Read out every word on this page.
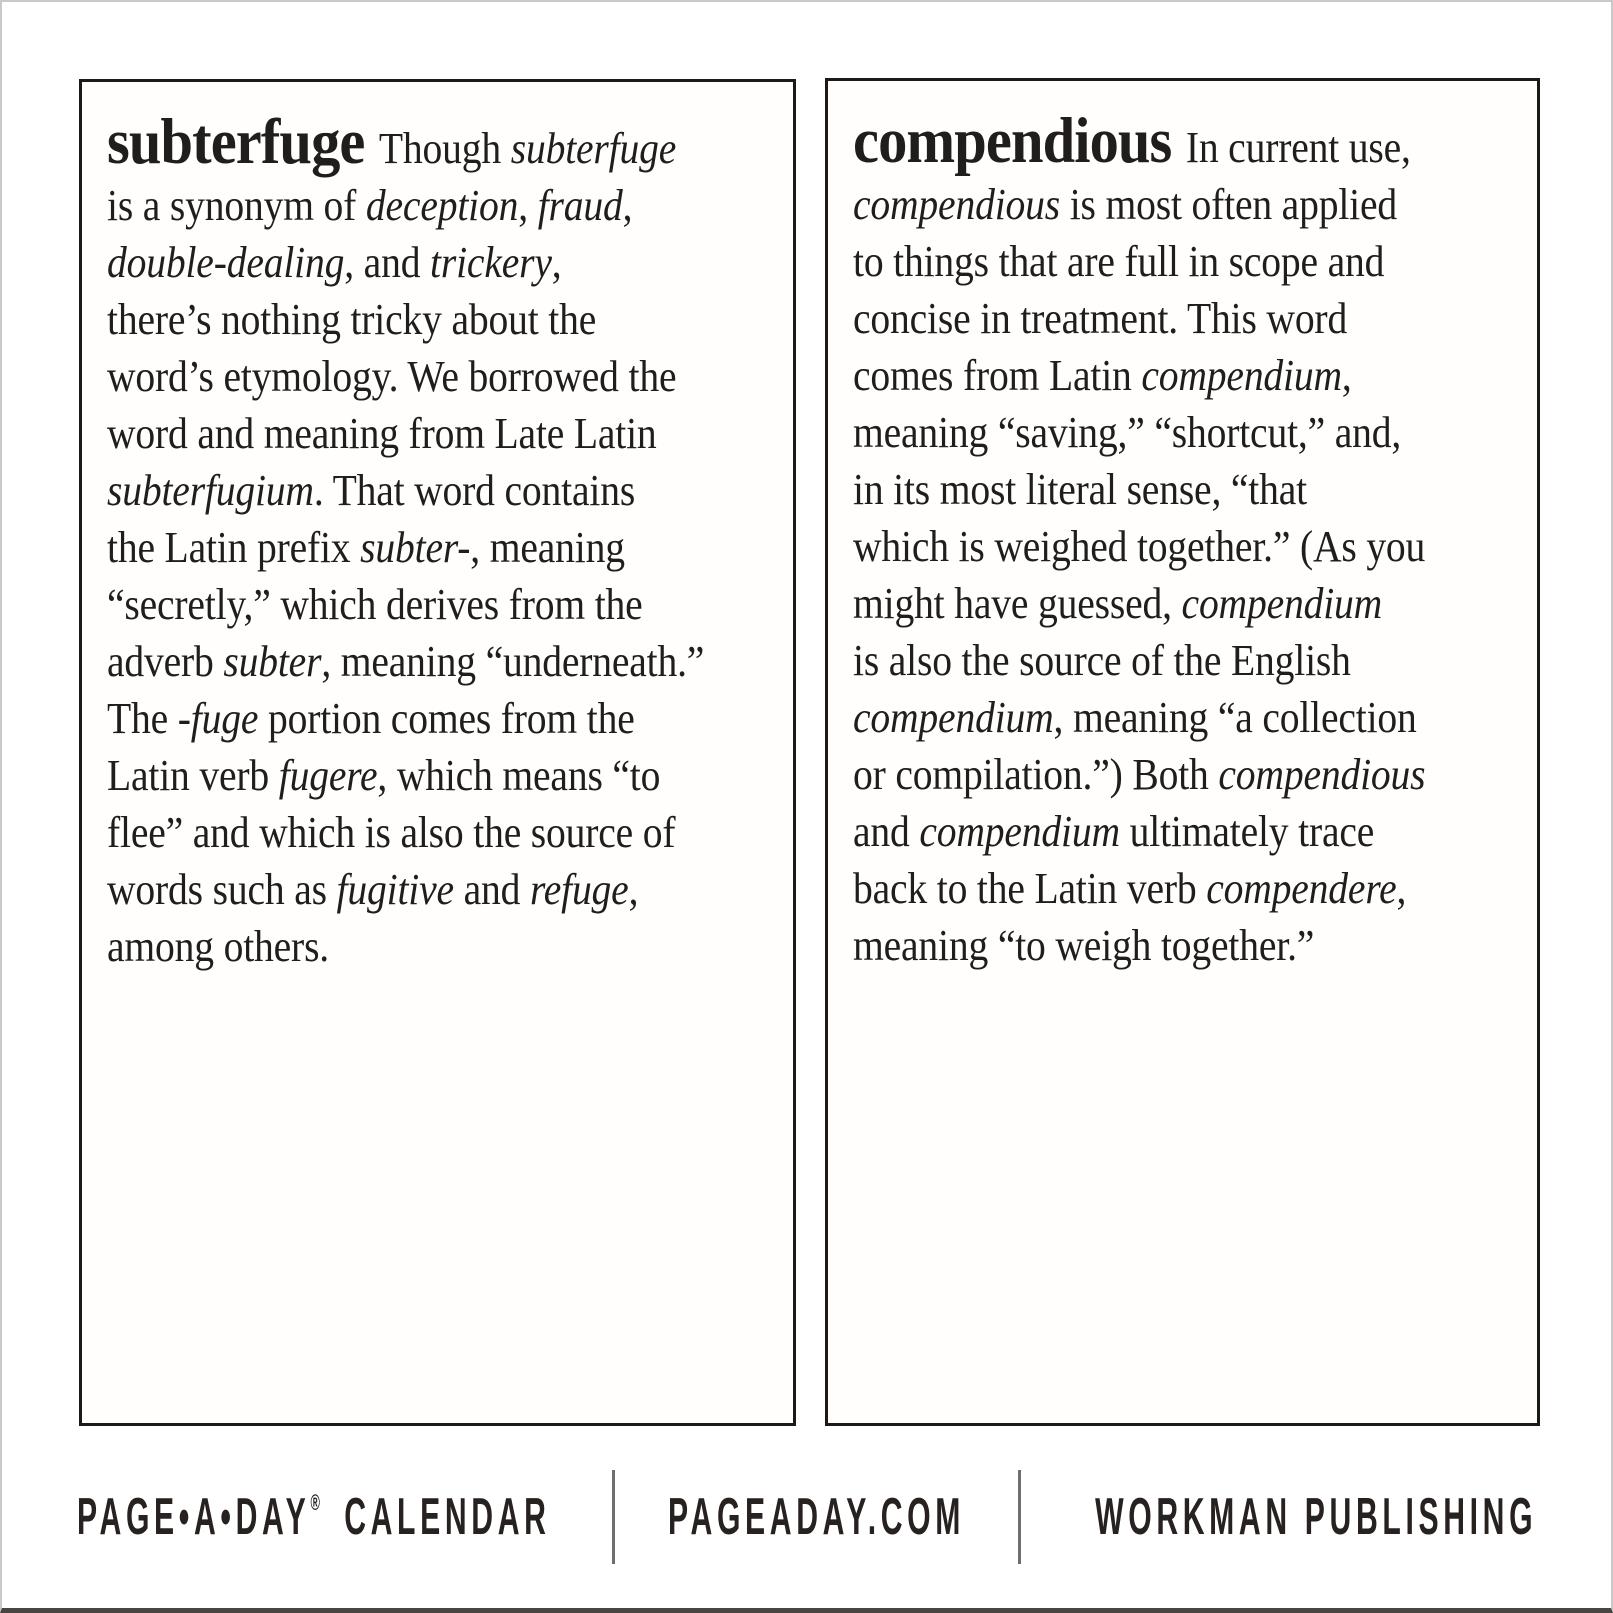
subterfuge Though subterfuge
is a synonym of deception, fraud,
double-dealing, and trickery,
there’s nothing tricky about the
word’s etymology. We borrowed the
word and meaning from Late Latin
subterfugium. That word contains
the Latin prefix subter-, meaning
“secretly,” which derives from the
adverb subter, meaning “underneath.”
The -fuge portion comes from the
Latin verb fugere, which means “to
flee” and which is also the source of
words such as fugitive and refuge,
among others.
compendious In current use,
compendious is most often applied
to things that are full in scope and
concise in treatment. This word
comes from Latin compendium,
meaning “saving,” “shortcut,” and,
in its most literal sense, “that
which is weighed together.” (As you
might have guessed, compendium
is also the source of the English
compendium, meaning “a collection
or compilation.”) Both compendious
and compendium ultimately trace
back to the Latin verb compendere,
meaning “to weigh together.”
PAGE•A•DAY® CALENDAR PAGEADAY.COM WORKMAN PUBLISHING
